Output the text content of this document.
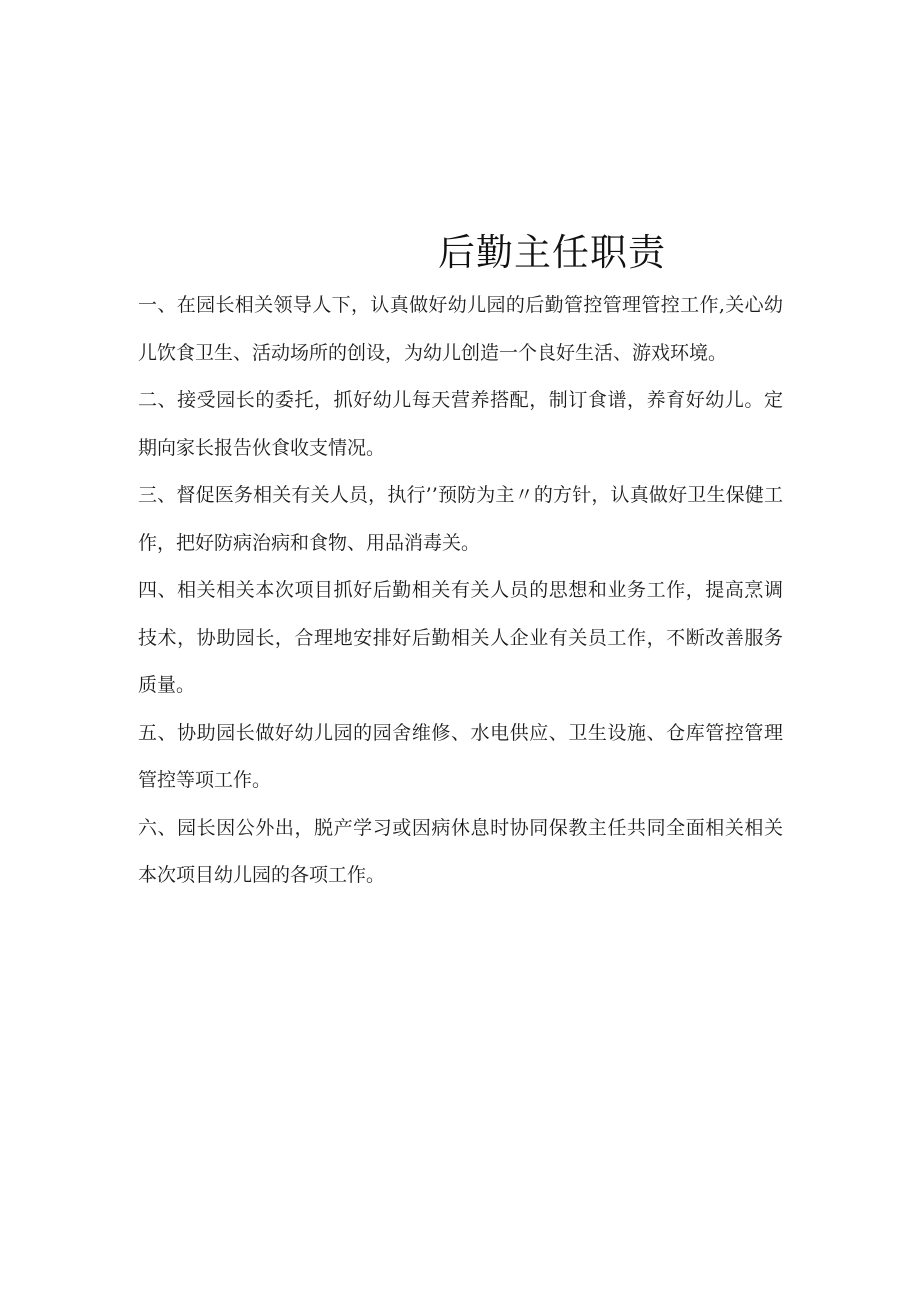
后勤主任职责

一、在园长相关领导人下，认真做好幼儿园的后勤管控管理管控工作,关心幼儿饮食卫生、活动场所的创设，为幼儿创造一个良好生活、游戏环境。

二、接受园长的委托，抓好幼儿每天营养搭配，制订食谱，养育好幼儿。定期向家长报告伙食收支情况。

三、督促医务相关有关人员，执行’’预防为主〃的方针，认真做好卫生保健工作，把好防病治病和食物、用品消毒关。

四、相关相关本次项目抓好后勤相关有关人员的思想和业务工作，提高烹调技术，协助园长，合理地安排好后勤相关人企业有关员工作，不断改善服务质量。

五、协助园长做好幼儿园的园舍维修、水电供应、卫生设施、仓库管控管理管控等项工作。

六、园长因公外出，脱产学习或因病休息时协同保教主任共同全面相关相关本次项目幼儿园的各项工作。
